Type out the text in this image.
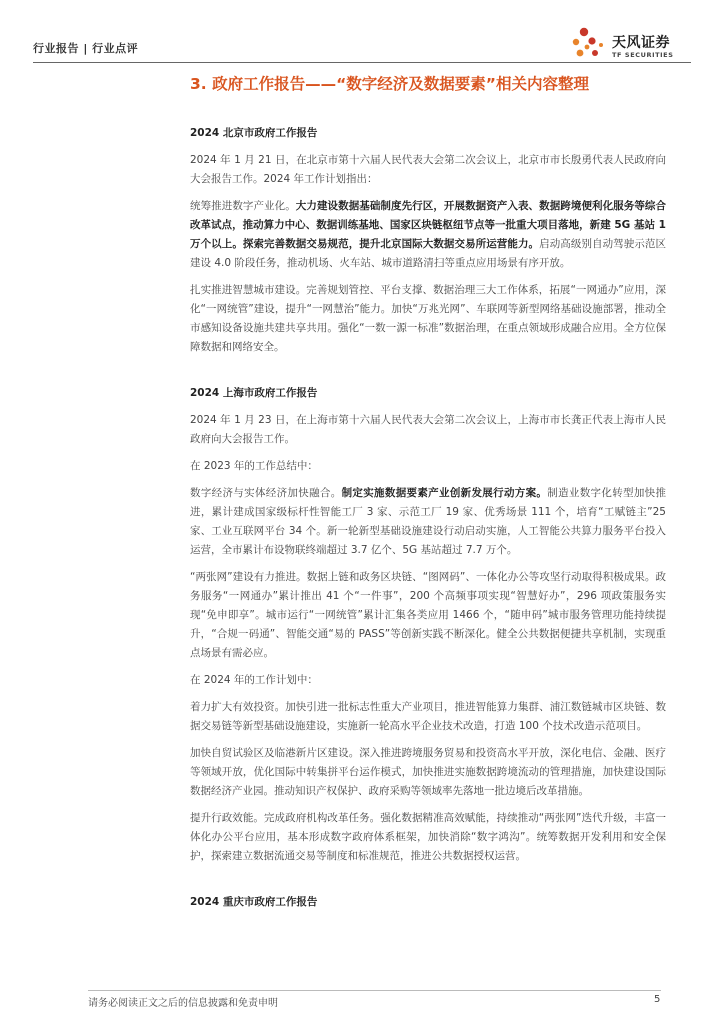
行业报告 | 行业点评	天风证券
TF SECURITIES
3. 政府工作报告——“数字经济及数据要素”相关内容整理

2024 北京市政府工作报告

2024 年 1 月 21 日，在北京市第十六届人民代表大会第二次会议上，北京市市长殷勇代表人民政府向大会报告工作。2024 年工作计划指出：

统筹推进数字产业化。大力建设数据基础制度先行区，开展数据资产入表、数据跨境便利化服务等综合改革试点，推动算力中心、数据训练基地、国家区块链枢纽节点等一批重大项目落地，新建 5G 基站 1 万个以上。探索完善数据交易规范，提升北京国际大数据交易所运营能力。启动高级别自动驾驶示范区建设 4.0 阶段任务，推动机场、火车站、城市道路清扫等重点应用场景有序开放。

扎实推进智慧城市建设。完善规划管控、平台支撑、数据治理三大工作体系，拓展“一网通办”应用，深化“一网统管”建设，提升“一网慧治”能力。加快“万兆光网”、车联网等新型网络基础设施部署，推动全市感知设备设施共建共享共用。强化“一数一源一标准”数据治理，在重点领域形成融合应用。全方位保障数据和网络安全。

2024 上海市政府工作报告

2024 年 1 月 23 日，在上海市第十六届人民代表大会第二次会议上，上海市市长龚正代表上海市人民政府向大会报告工作。

在 2023 年的工作总结中：

数字经济与实体经济加快融合。制定实施数据要素产业创新发展行动方案。制造业数字化转型加快推进，累计建成国家级标杆性智能工厂 3 家、示范工厂 19 家、优秀场景 111 个，培育“工赋链主”25 家、工业互联网平台 34 个。新一轮新型基础设施建设行动启动实施，人工智能公共算力服务平台投入运营，全市累计布设物联终端超过 3.7 亿个、5G 基站超过 7.7 万个。

“两张网”建设有力推进。数据上链和政务区块链、“图网码”、一体化办公等攻坚行动取得积极成果。政务服务“一网通办”累计推出 41 个“一件事”，200 个高频事项实现“智慧好办”，296 项政策服务实现“免申即享”。城市运行“一网统管”累计汇集各类应用 1466 个，“随申码”城市服务管理功能持续提升，“合规一码通”、智能交通“易的 PASS”等创新实践不断深化。健全公共数据便捷共享机制，实现重点场景有需必应。

在 2024 年的工作计划中：

着力扩大有效投资。加快引进一批标志性重大产业项目，推进智能算力集群、浦江数链城市区块链、数据交易链等新型基础设施建设，实施新一轮高水平企业技术改造，打造 100 个技术改造示范项目。

加快自贸试验区及临港新片区建设。深入推进跨境服务贸易和投资高水平开放，深化电信、金融、医疗等领域开放，优化国际中转集拼平台运作模式，加快推进实施数据跨境流动的管理措施，加快建设国际数据经济产业园。推动知识产权保护、政府采购等领域率先落地一批边境后改革措施。

提升行政效能。完成政府机构改革任务。强化数据精准高效赋能，持续推动“两张网”迭代升级，丰富一体化办公平台应用，基本形成数字政府体系框架，加快消除“数字鸿沟”。统筹数据开发利用和安全保护，探索建立数据流通交易等制度和标准规范，推进公共数据授权运营。

2024 重庆市政府工作报告

请务必阅读正文之后的信息披露和免责申明	5
